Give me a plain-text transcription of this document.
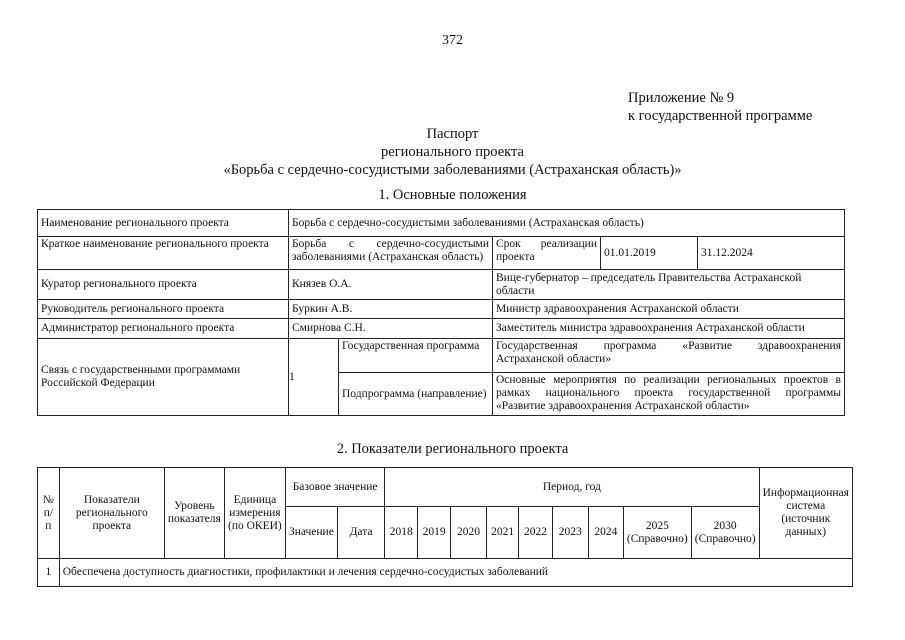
372
Приложение № 9
к государственной программе
Паспорт
регионального проекта
«Борьба с сердечно-сосудистыми заболеваниями (Астраханская область)»
1. Основные положения
Наименование регионального проекта	Борьба с сердечно-сосудистыми заболеваниями (Астраханская область)				
Краткое наименование регионального проекта	Борьба с сердечно-сосудистыми заболеваниями (Астраханская область)		Срок реализации проекта	01.01.2019	31.12.2024
Куратор регионального проекта	Князев О.А.		Вице-губернатор – председатель Правительства Астраханской области		
Руководитель регионального проекта	Буркин А.В.		Министр здравоохранения Астраханской области		
Администратор регионального проекта	Смирнова С.Н.		Заместитель министра здравоохранения Астраханской области		
Связь с государственными программами Российской Федерации	1	Государственная программа	Государственная программа «Развитие здравоохранения Астраханской области»		
		Подпрограмма (направление)	Основные мероприятия по реализации региональных проектов в рамках национального проекта государственной программы «Развитие здравоохранения Астраханской области»		
2. Показатели регионального проекта
№ п/п	Показатели регионального проекта	Уровень показателя	Единица измерения (по ОКЕИ)	Базовое значение		Период, год									Информационная система (источник данных)
				Значение	Дата	2018	2019	2020	2021	2022	2023	2024	2025 (Справочно)	2030 (Справочно)	
1	Обеспечена доступность диагностики, профилактики и лечения сердечно-сосудистых заболеваний														
